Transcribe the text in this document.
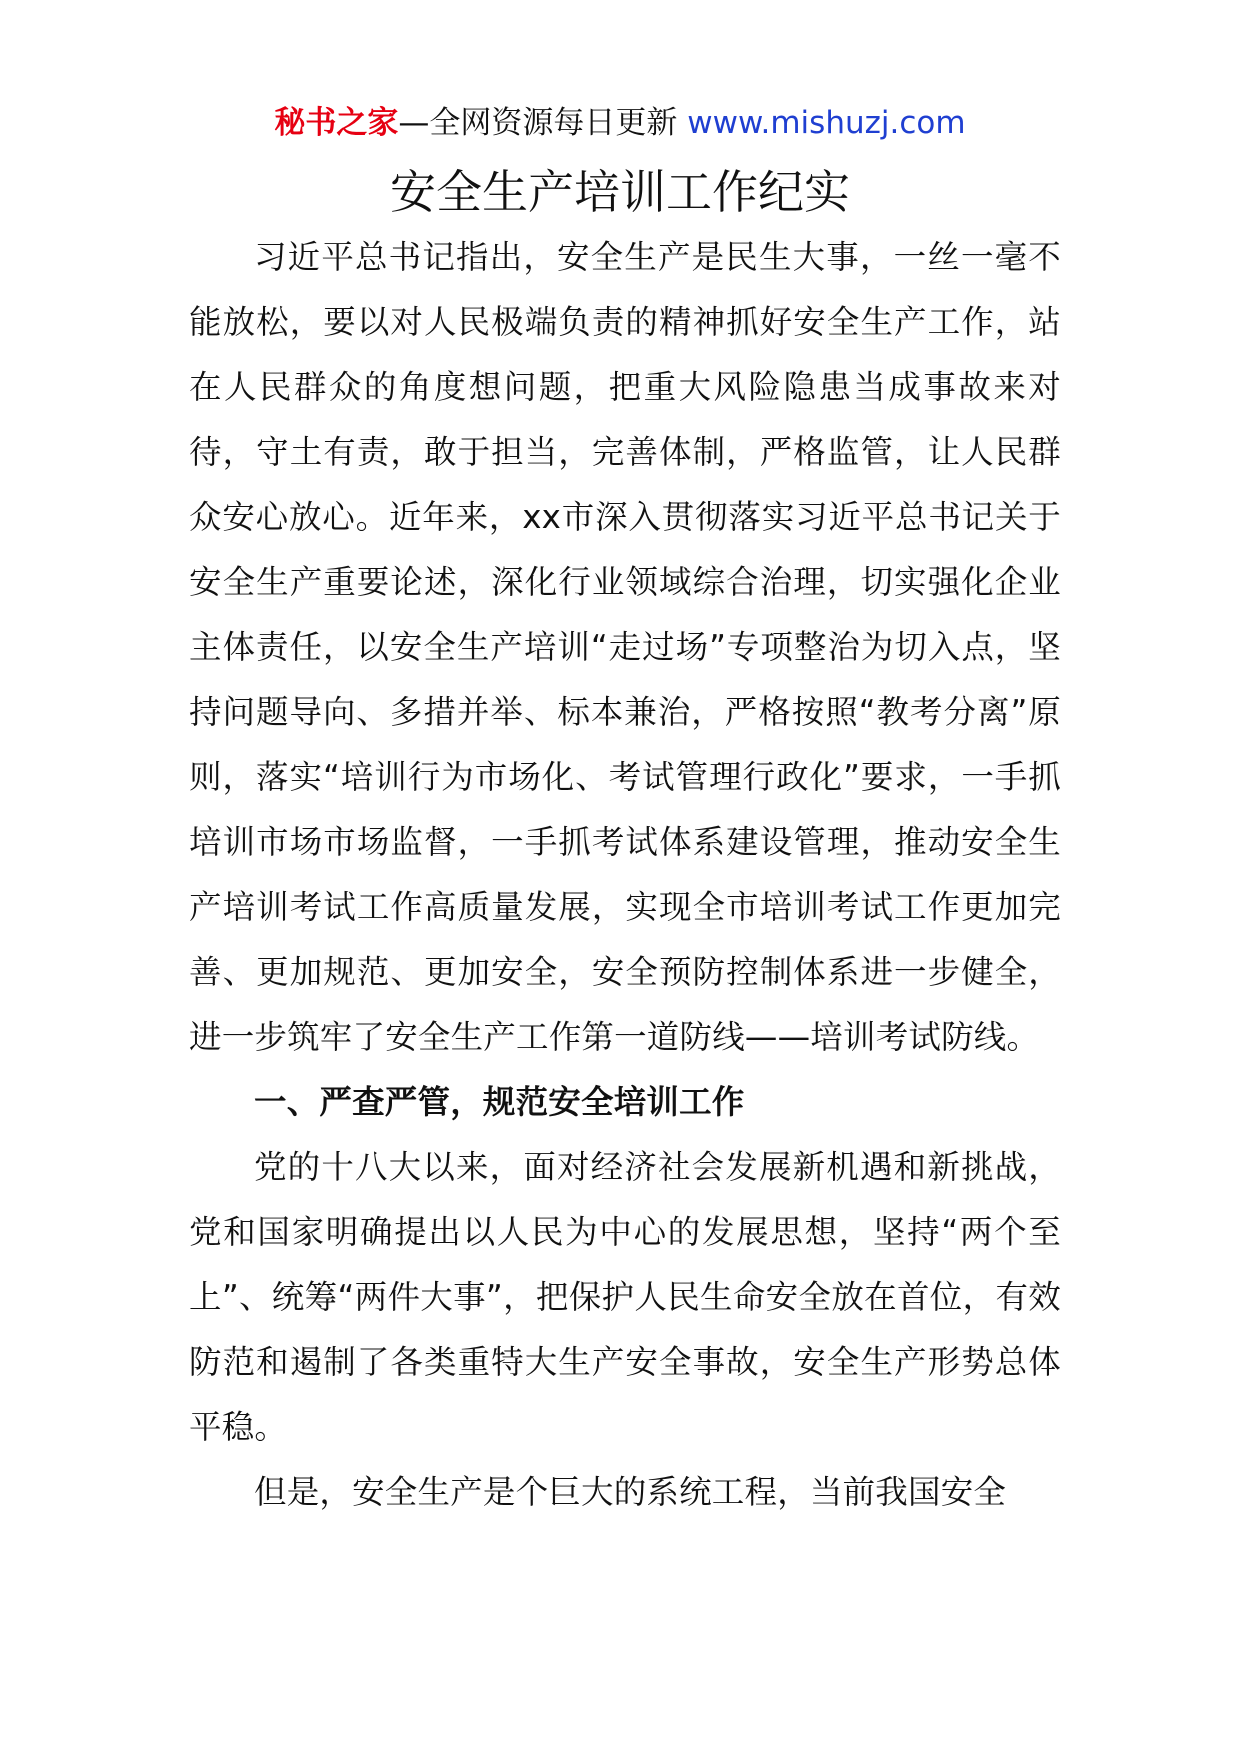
秘书之家—全网资源每日更新 www.mishuzj.com
安全生产培训工作纪实

习近平总书记指出，安全生产是民生大事，一丝一毫不能放松，要以对人民极端负责的精神抓好安全生产工作，站在人民群众的角度想问题，把重大风险隐患当成事故来对待，守土有责，敢于担当，完善体制，严格监管，让人民群众安心放心。近年来，xx市深入贯彻落实习近平总书记关于安全生产重要论述，深化行业领域综合治理，切实强化企业主体责任，以安全生产培训“走过场”专项整治为切入点，坚持问题导向、多措并举、标本兼治，严格按照“教考分离”原则，落实“培训行为市场化、考试管理行政化”要求，一手抓培训市场市场监督，一手抓考试体系建设管理，推动安全生产培训考试工作高质量发展，实现全市培训考试工作更加完善、更加规范、更加安全，安全预防控制体系进一步健全，进一步筑牢了安全生产工作第一道防线——培训考试防线。

一、严查严管，规范安全培训工作

党的十八大以来，面对经济社会发展新机遇和新挑战，党和国家明确提出以人民为中心的发展思想，坚持“两个至上”、统筹“两件大事”，把保护人民生命安全放在首位，有效防范和遏制了各类重特大生产安全事故，安全生产形势总体平稳。

但是，安全生产是个巨大的系统工程，当前我国安全
